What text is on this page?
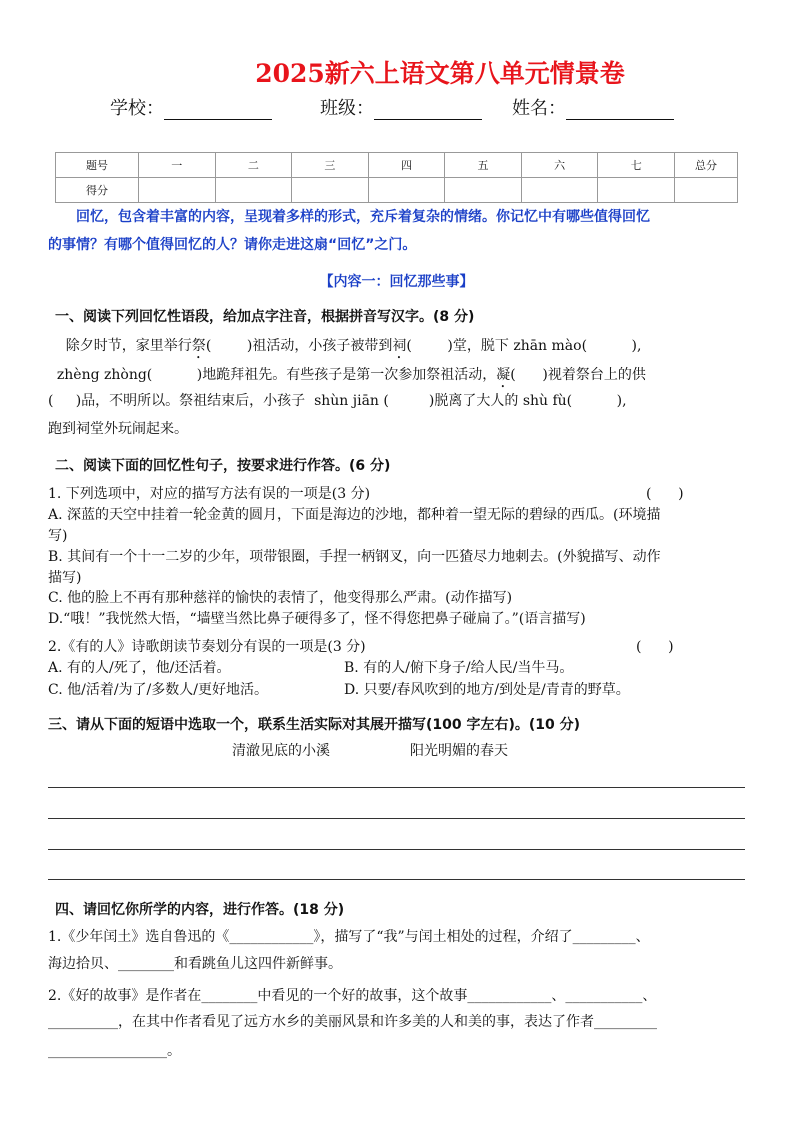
2025新六上语文第八单元情景卷
学校：	班级：	姓名：
题号	一	二	三	四	五	六	七	总分
得分								
回忆，包含着丰富的内容，呈现着多样的形式，充斥着复杂的情绪。你记忆中有哪些值得回忆
的事情？有哪个值得回忆的人？请你走进这扇“回忆”之门。
【内容一：回忆那些事】
一、阅读下列回忆性语段，给加点字注音，根据拼音写汉字。(8 分)
除夕时节，家里举行祭(        )祖活动，小孩子被带到祠(        )堂，脱下 zhān mào(          ),
zhèng zhòng(          )地跪拜祖先。有些孩子是第一次参加祭祖活动，凝(      )视着祭台上的供
(     )品，不明所以。祭祖结束后，小孩子  shùn jiān (         )脱离了大人的 shù fù(          ),
跑到祠堂外玩闹起来。
二、阅读下面的回忆性句子，按要求进行作答。(6 分)
1. 下列选项中，对应的描写方法有误的一项是(3 分)	(      )
A. 深蓝的天空中挂着一轮金黄的圆月，下面是海边的沙地，都种着一望无际的碧绿的西瓜。(环境描
写)
B. 其间有一个十一二岁的少年，项带银圈，手捏一柄钢叉，向一匹猹尽力地刺去。(外貌描写、动作
描写)
C. 他的脸上不再有那种慈祥的愉快的表情了，他变得那么严肃。(动作描写)
D.“哦！”我恍然大悟，“墙壁当然比鼻子硬得多了，怪不得您把鼻子碰扁了。”(语言描写)
2.《有的人》诗歌朗读节奏划分有误的一项是(3 分)	(      )
A. 有的人/死了，他/还活着。	B. 有的人/俯下身子/给人民/当牛马。
C. 他/活着/为了/多数人/更好地活。	D. 只要/春风吹到的地方/到处是/青青的野草。
三、请从下面的短语中选取一个，联系生活实际对其展开描写(100 字左右)。(10 分)
清澈见底的小溪	阳光明媚的春天
四、请回忆你所学的内容，进行作答。(18 分)
1.《少年闰土》选自鲁迅的《____________》，描写了“我”与闰土相处的过程，介绍了_________、
海边拾贝、________和看跳鱼儿这四件新鲜事。
2.《好的故事》是作者在________中看见的一个好的故事，这个故事____________、___________、
__________，在其中作者看见了远方水乡的美丽风景和许多美的人和美的事，表达了作者_________
_________________。
